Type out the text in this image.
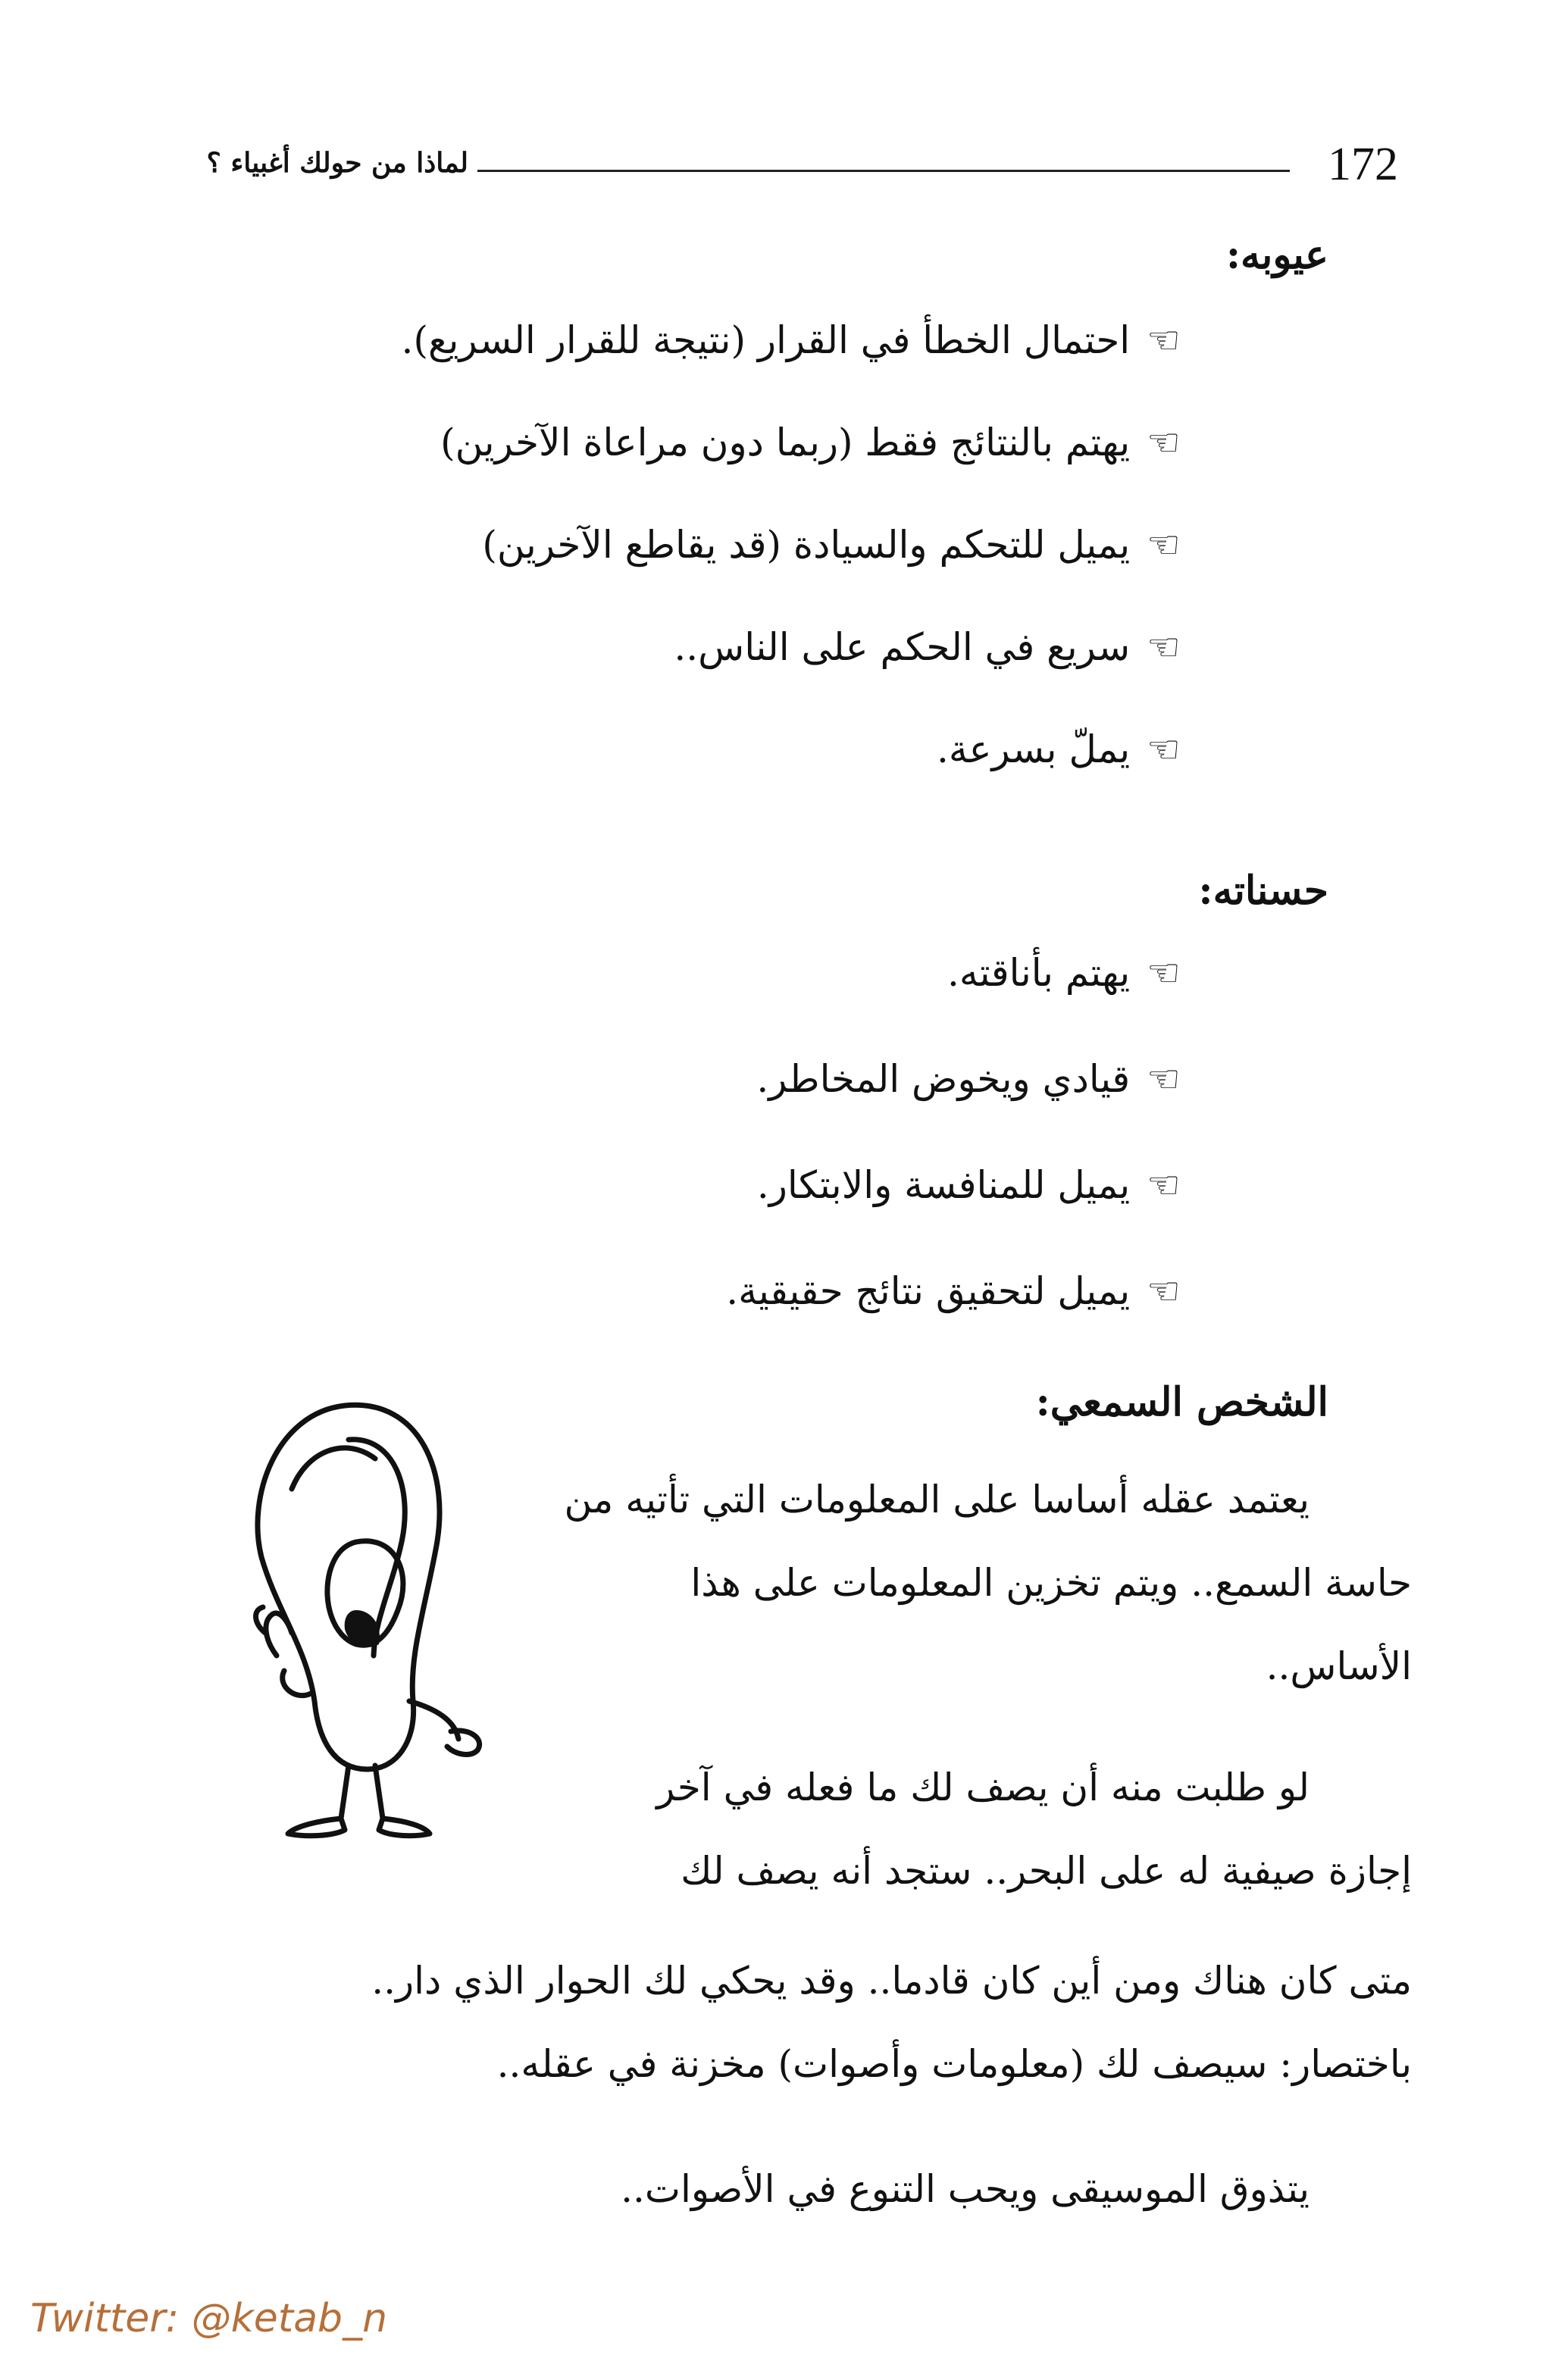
172
لماذا من حولك أغبياء ؟
عيوبه:
☞
احتمال الخطأ في القرار (نتيجة للقرار السريع).
☞
يهتم بالنتائج فقط (ربما دون مراعاة الآخرين)
☞
يميل للتحكم والسيادة (قد يقاطع الآخرين)
☞
سريع في الحكم على الناس..
☞
يملّ بسرعة.
حسناته:
☞
يهتم بأناقته.
☞
قيادي ويخوض المخاطر.
☞
يميل للمنافسة والابتكار.
☞
يميل لتحقيق نتائج حقيقية.
الشخص السمعي:
يعتمد عقله أساسا على المعلومات التي تأتيه من
حاسة السمع.. ويتم تخزين المعلومات على هذا
الأساس..
لو طلبت منه أن يصف لك ما فعله في آخر
إجازة صيفية له على البحر.. ستجد أنه يصف لك
متى كان هناك ومن أين كان قادما.. وقد يحكي لك الحوار الذي دار..
باختصار: سيصف لك (معلومات وأصوات) مخزنة في عقله..
يتذوق الموسيقى ويحب التنوع في الأصوات..
Twitter: @ketab_n
